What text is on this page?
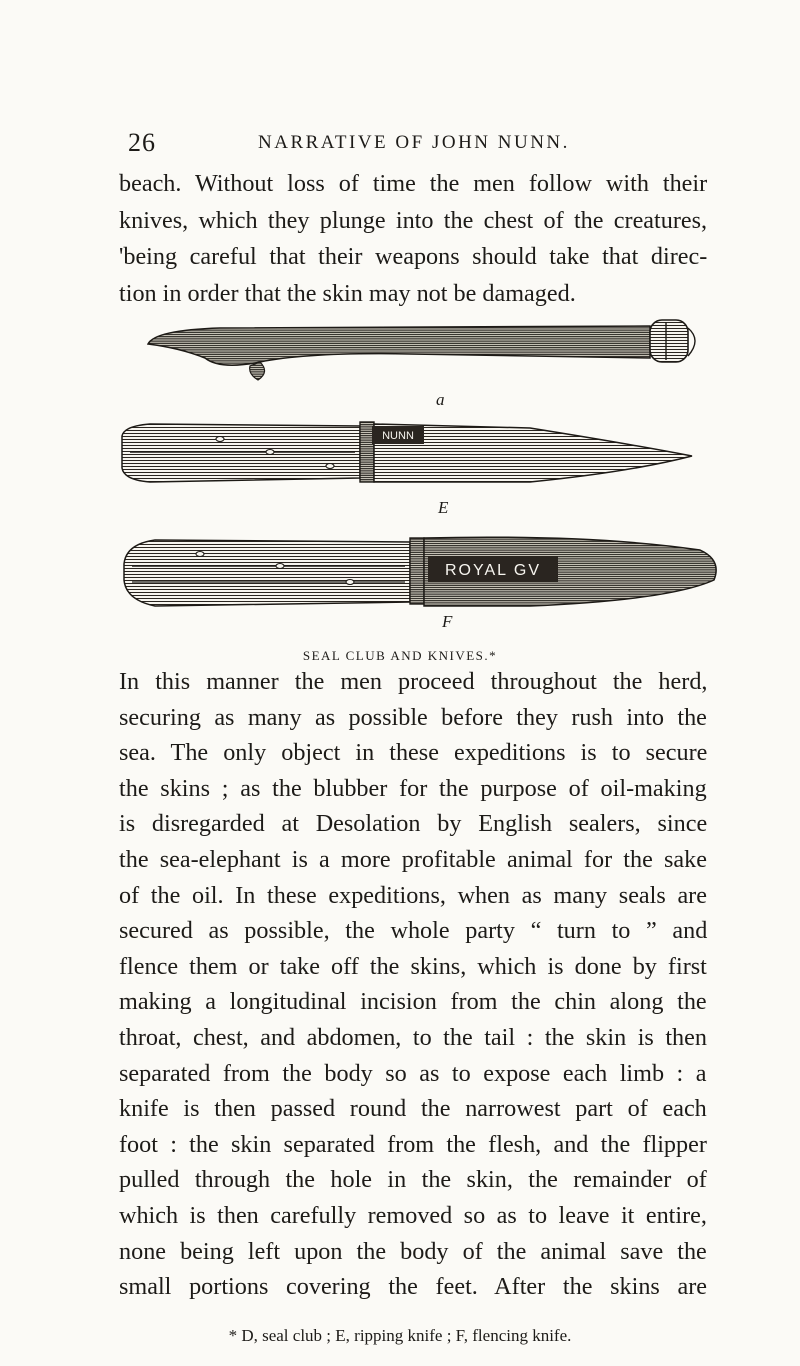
26	NARRATIVE OF JOHN NUNN.

beach. Without loss of time the men follow with their
knives, which they plunge into the chest of the creatures,
'being careful that their weapons should take that direc-
tion in order that the skin may not be damaged.

NUNN
ROYAL GV
a
E
F
SEAL CLUB AND KNIVES.*

In this manner the men proceed throughout the herd,
securing as many as possible before they rush into the
sea. The only object in these expeditions is to secure
the skins ; as the blubber for the purpose of oil-making
is disregarded at Desolation by English sealers, since
the sea-elephant is a more profitable animal for the sake
of the oil. In these expeditions, when as many seals are
secured as possible, the whole party “ turn to ” and
flence them or take off the skins, which is done by first
making a longitudinal incision from the chin along the
throat, chest, and abdomen, to the tail : the skin is then
separated from the body so as to expose each limb : a
knife is then passed round the narrowest part of each
foot : the skin separated from the flesh, and the flipper
pulled through the hole in the skin, the remainder of
which is then carefully removed so as to leave it entire,
none being left upon the body of the animal save the
small portions covering the feet. After the skins are

* D, seal club ; E, ripping knife ; F, flencing knife.
